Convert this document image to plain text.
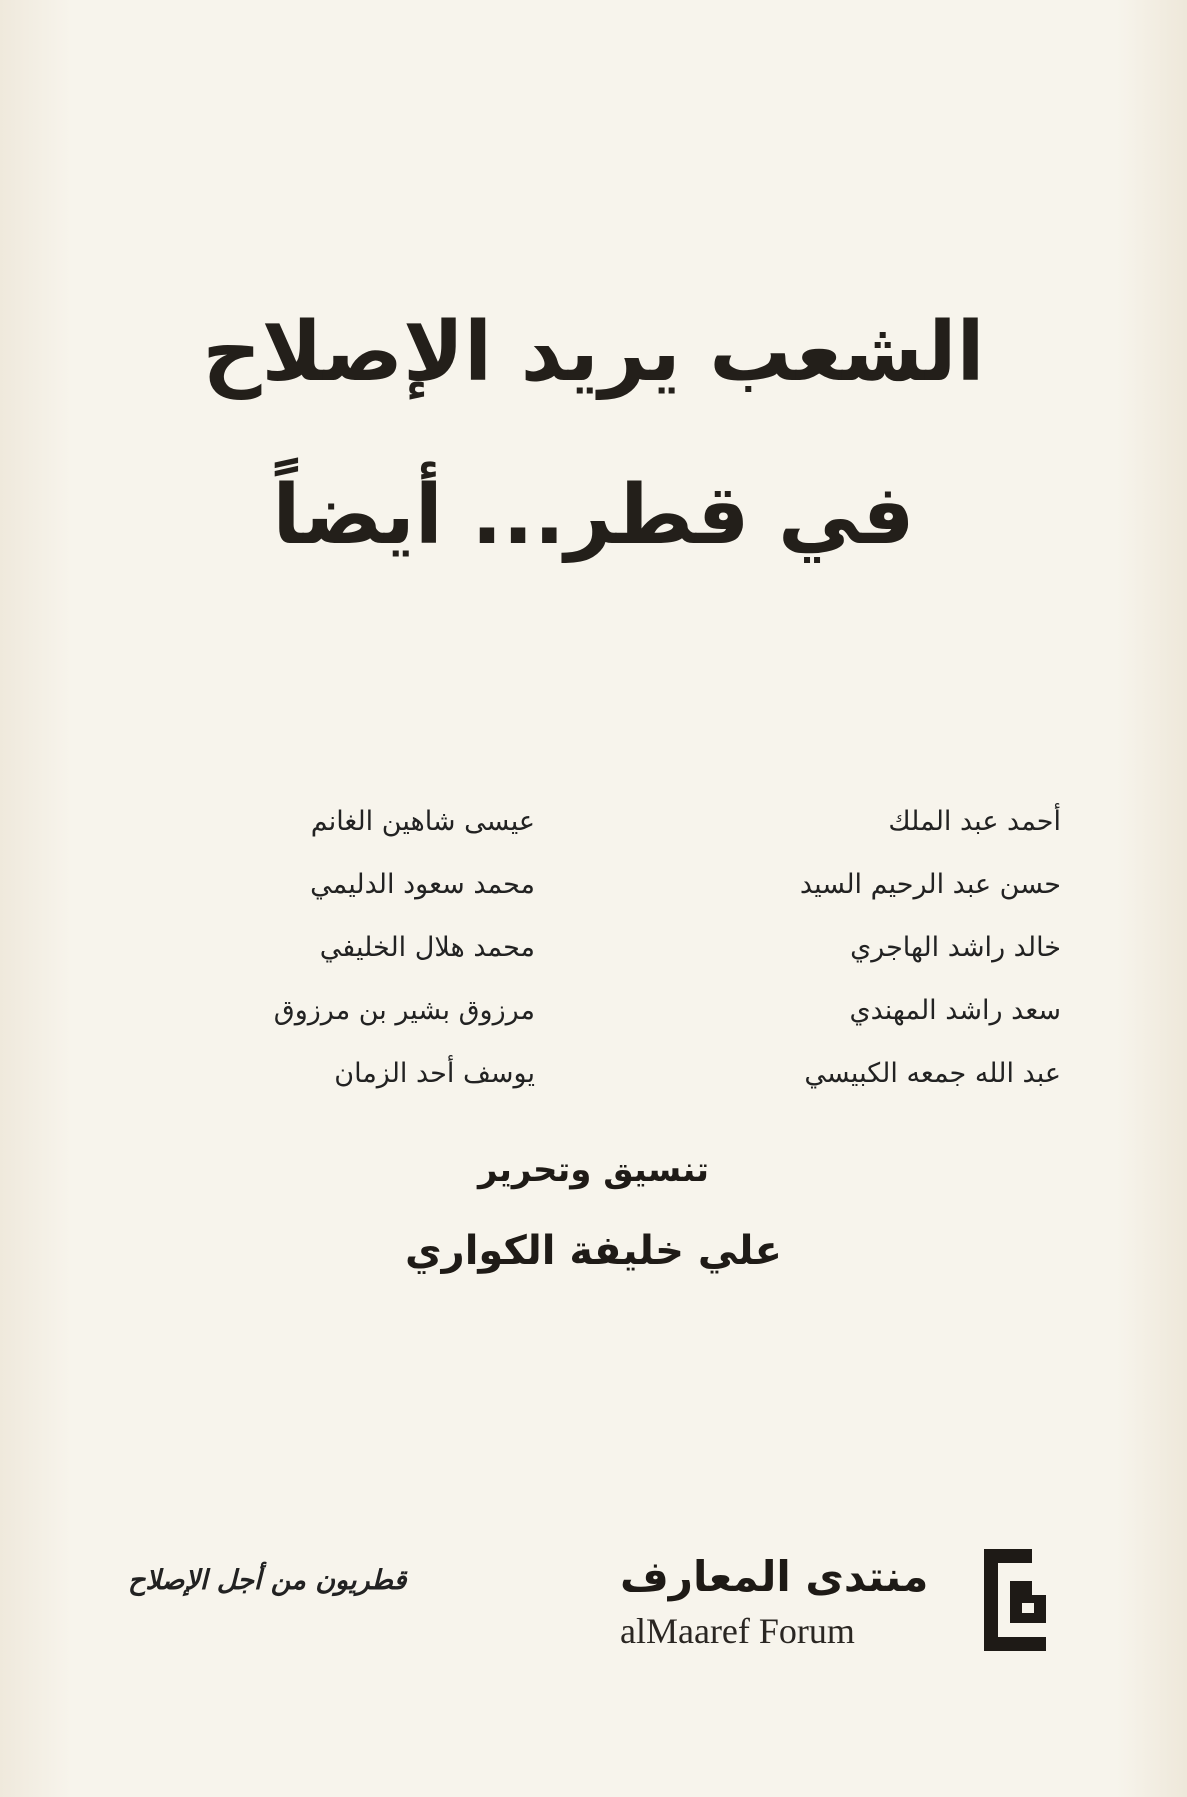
الشعب يريد الإصلاح
في قطر... أيضاً
أحمد عبد الملك
حسن عبد الرحيم السيد
خالد راشد الهاجري
سعد راشد المهندي
عبد الله جمعه الكبيسي
عيسى شاهين الغانم
محمد سعود الدليمي
محمد هلال الخليفي
مرزوق بشير بن مرزوق
يوسف أحد الزمان
تنسيق وتحرير
علي خليفة الكواري
قطريون من أجل الإصلاح	منتدى المعارف
alMaaref Forum
